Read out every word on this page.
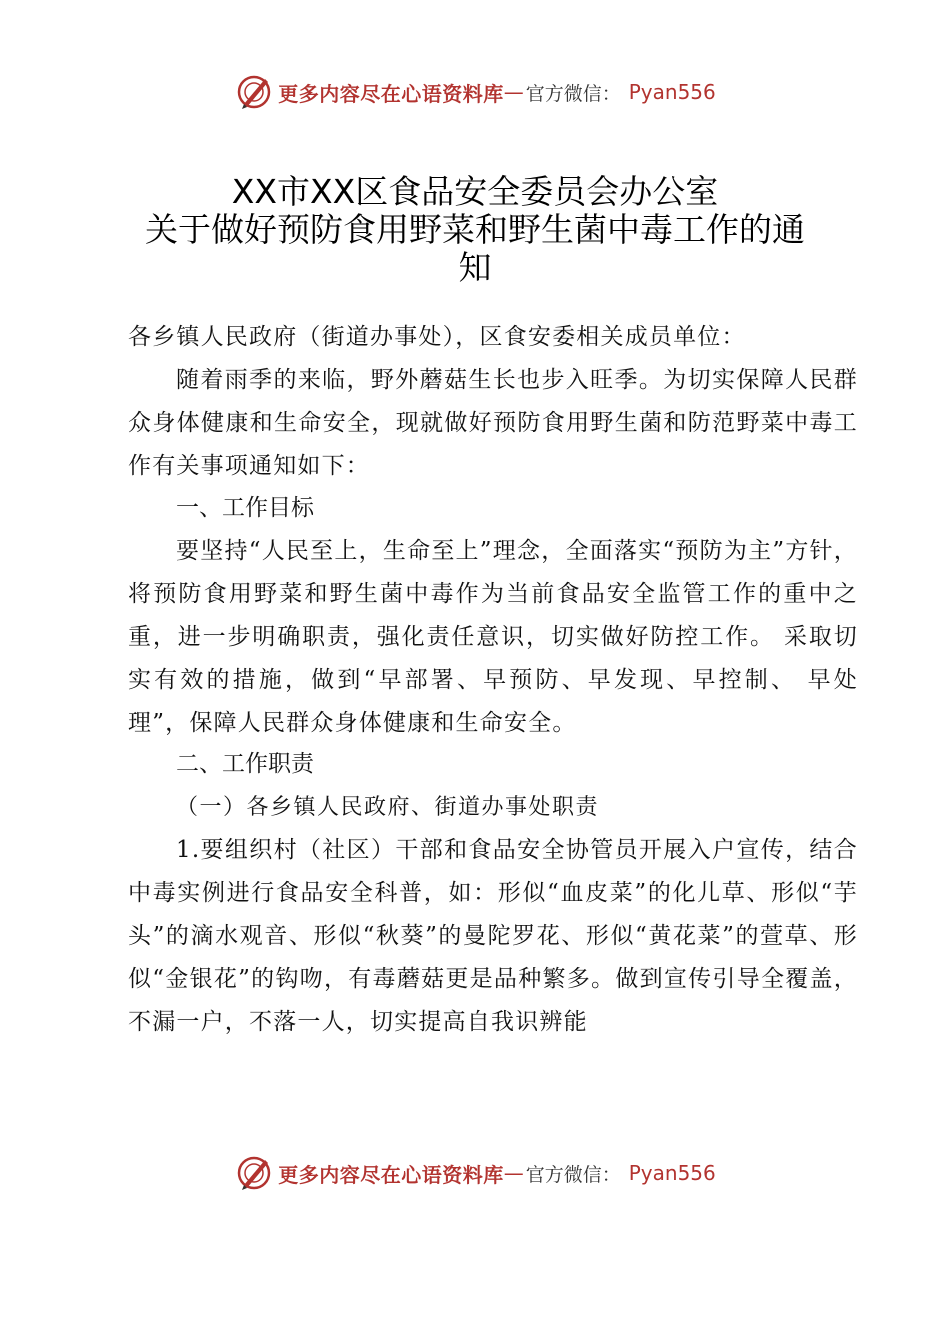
更多内容尽在心语资料库 — 官方微信： Pyan556
XX市XX区食品安全委员会办公室
关于做好预防食用野菜和野生菌中毒工作的通
知
各乡镇人民政府（街道办事处），区食安委相关成员单位：
随着雨季的来临，野外蘑菇生长也步入旺季。为切实保障人民群众身体健康和生命安全，现就做好预防食用野生菌和防范野菜中毒工作有关事项通知如下：
一、工作目标
要坚持“人民至上，生命至上”理念，全面落实“预防为主”方针，将预防食用野菜和野生菌中毒作为当前食品安全监管工作的重中之重，进一步明确职责，强化责任意识，切实做好防控工作。 采取切实有效的措施，做到“早部署、早预防、早发现、早控制、 早处理”，保障人民群众身体健康和生命安全。
二、工作职责
（一）各乡镇人民政府、街道办事处职责
1.要组织村（社区）干部和食品安全协管员开展入户宣传，结合中毒实例进行食品安全科普，如：形似“血皮菜”的化儿草、形似“芋头”的滴水观音、形似“秋葵”的曼陀罗花、形似“黄花菜”的萱草、形似“金银花”的钩吻，有毒蘑菇更是品种繁多。做到宣传引导全覆盖，不漏一户，不落一人，切实提高自我识辨能
更多内容尽在心语资料库 — 官方微信： Pyan556
